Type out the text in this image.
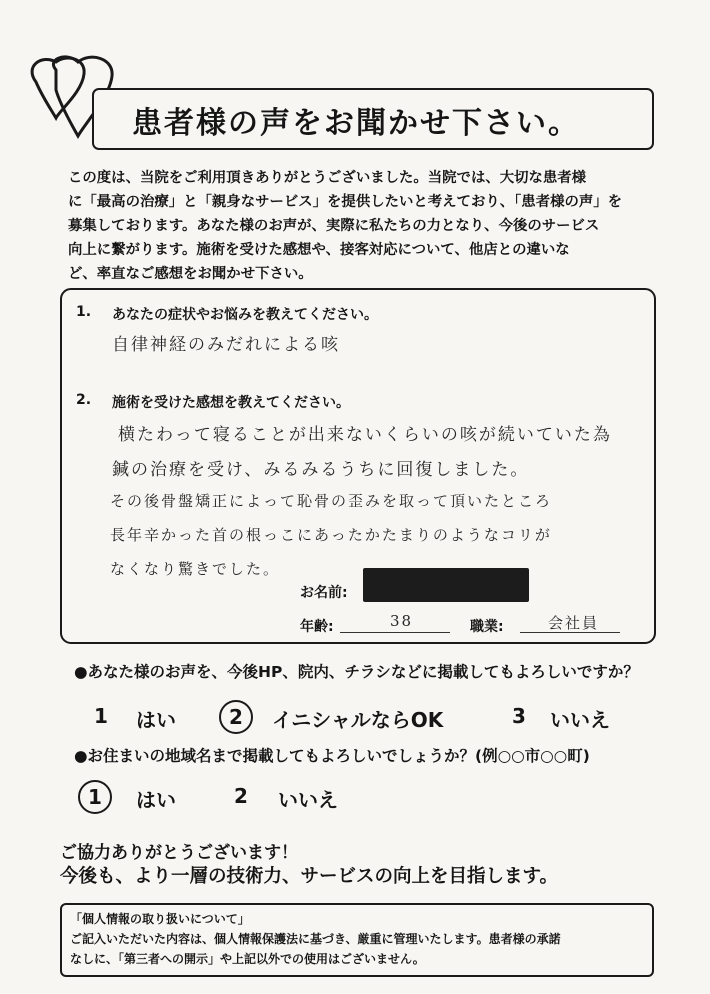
患者様の声をお聞かせ下さい。

この度は、当院をご利用頂きありがとうございました。当院では、大切な患者様

に「最高の治療」と「親身なサービス」を提供したいと考えており、「患者様の声」を

募集しております。あなた様のお声が、実際に私たちの力となり、今後のサービス

向上に繋がります。施術を受けた感想や、接客対応について、他店との違いな

ど、率直なご感想をお聞かせ下さい。

1. あなたの症状やお悩みを教えてください。
自律神経のみだれによる咳
2. 施術を受けた感想を教えてください。
横たわって寝ることが出来ないくらいの咳が続いていた為
鍼の治療を受け、みるみるうちに回復しました。
その後骨盤矯正によって恥骨の歪みを取って頂いたところ
長年辛かった首の根っこにあったかたまりのようなコリが
なくなり驚きでした。
お名前:
年齢:	38	職業:	会社員
●あなた様のお声を、今後HP、院内、チラシなどに掲載してもよろしいですか？
1 はい	2 イニシャルならOK	3 いいえ
●お住まいの地域名まで掲載してもよろしいでしょうか？(例○○市○○町)
1 はい	2 いいえ
ご協力ありがとうございます！
今後も、より一層の技術力、サービスの向上を目指します。
「個人情報の取り扱いについて」
ご記入いただいた内容は、個人情報保護法に基づき、厳重に管理いたします。患者様の承諾
なしに、「第三者への開示」や上記以外での使用はございません。
